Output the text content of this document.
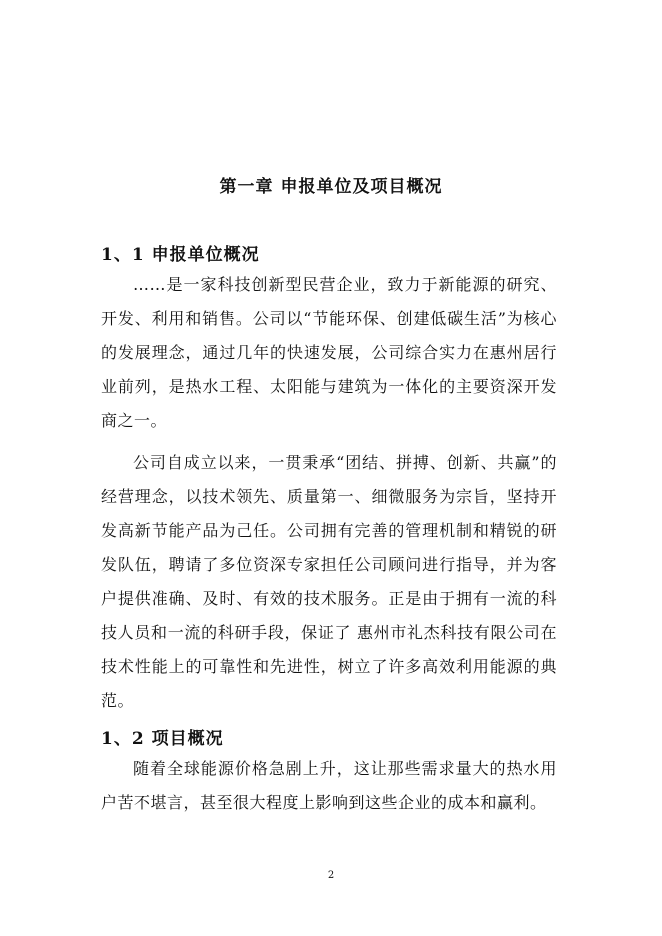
第一章 申报单位及项目概况
1、1 申报单位概况

……是一家科技创新型民营企业，致力于新能源的研究、开发、利用和销售。公司以“节能环保、创建低碳生活”为核心的发展理念，通过几年的快速发展，公司综合实力在惠州居行业前列，是热水工程、太阳能与建筑为一体化的主要资深开发商之一。

公司自成立以来，一贯秉承“团结、拼搏、创新、共赢”的经营理念，以技术领先、质量第一、细微服务为宗旨，坚持开发高新节能产品为己任。公司拥有完善的管理机制和精锐的研发队伍，聘请了多位资深专家担任公司顾问进行指导，并为客户提供准确、及时、有效的技术服务。正是由于拥有一流的科技人员和一流的科研手段，保证了 惠州市礼杰科技有限公司在技术性能上的可靠性和先进性，树立了许多高效利用能源的典范。

1、2 项目概况

随着全球能源价格急剧上升，这让那些需求量大的热水用户苦不堪言，甚至很大程度上影响到这些企业的成本和赢利。

2
